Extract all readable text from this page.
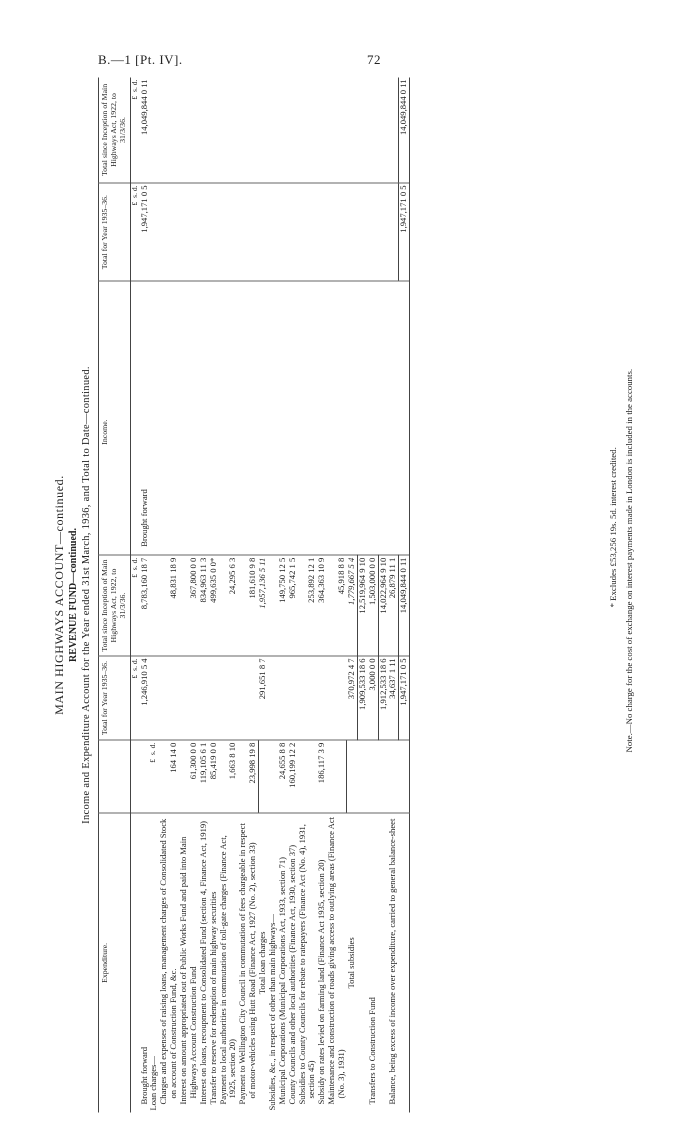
B.—1 [Pt. IV].	72
MAIN HIGHWAYS ACCOUNT—continued. REVENUE FUND—continued. Income and Expenditure Account for the Year ended 31st March, 1936, and Total to Date—continued.
Expenditure.		Total for Year 1935–36.	Total since Inception of Main Highways Act, 1922, to 31/3/36.	Income.		Total for Year 1935–36.	Total since Inception of Main Highways Act, 1922, to 31/3/36.
		£  s. d.	£  s. d.			£  s. d.	£  s. d.
Brought forward		1,246,910 5 4	8,783,160 18 7	Brought forward		1,947,171 0 5	14,049,844 0 11
Loan charges—	£  s. d.						
Charges and expenses of raising loans, management charges of Consolidated Stock on account of Construction Fund, &c.	164 14 0		48,831 18 9				
Interest on amount appropriated out of Public Works Fund and paid into Main Highways Account Construction Fund	61,300 0 0		367,800 0 0				
Interest on loans, recoupment to Consolidated Fund (section 4, Finance Act, 1919)	119,105 6 1		834,963 11 3				
Transfer to reserve for redemption of main highway securities	85,419 0 0		499,635 0 0*				
Payment to local authorities in commutation of toll-gate charges (Finance Act, 1925, section 20)	1,663 8 10		24,295 6 3				
Payment to Wellington City Council in commutation of fees chargeable in respect of motor-vehicles using Hutt Road (Finance Act, 1927 (No. 2), section 33)	23,998 19 8		181,610 9 8				
Total loan charges		291,651 8 7	1,957,136 5 11				
Subsidies, &c., in respect of other than main highways—							
Municipal Corporations (Municipal Corporations Act, 1933, section 71)	24,655 8 8		149,750 12 5				
County Councils and other local authorities (Finance Act, 1930, section 37)	160,199 12 2		965,742 1 5				
Subsidies to County Councils for rebate to ratepayers (Finance Act (No. 4), 1931, section 45)			253,892 12 1				
Subsidy on rates levied on farming land (Finance Act 1935, section 20)	186,117 3 9		364,363 10 9				
Maintenance and construction of roads giving access to outlying areas (Finance Act (No. 3), 1931)			45,918 8 8				
Total subsidies		370,972 4 7	1,779,667 5 4				
		1,909,533 18 6	12,519,964 9 10				
Transfers to Construction Fund		3,000 0 0	1,503,000 0 0				
		1,912,533 18 6	14,022,964 9 10				
Balance, being excess of income over expenditure, carried to general balance-sheet		34,637 1 11	26,879 11 1				
		1,947,171 0 5	14,049,844 0 11			1,947,171 0 5	14,049,844 0 11
* Excludes £53,256 19s. 5d. interest credited. Note.—No charge for the cost of exchange on interest payments made in London is included in the accounts.
